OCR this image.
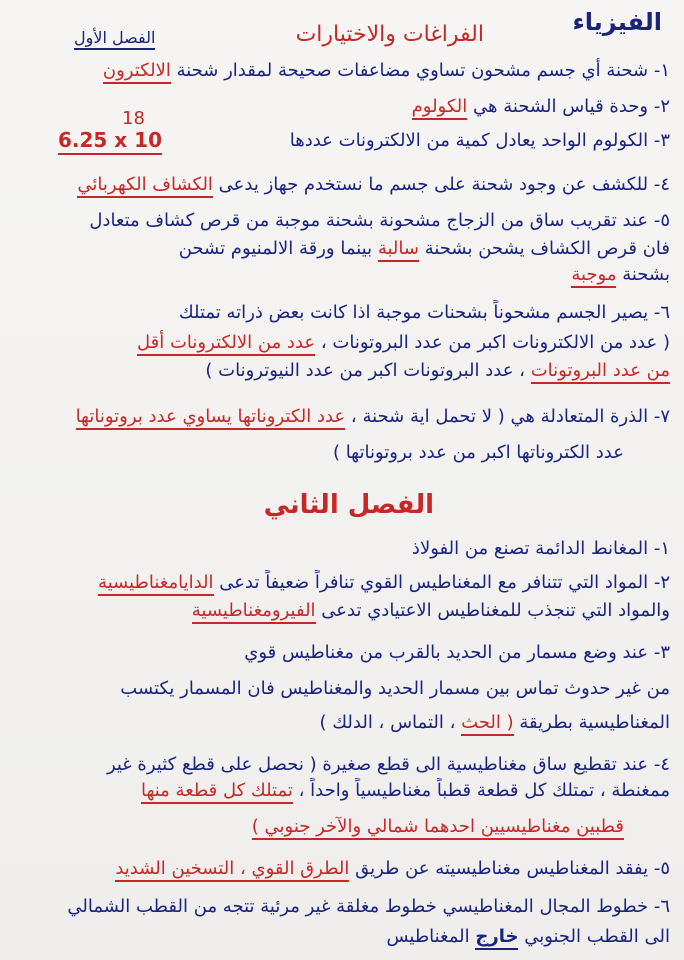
الفيزياء
الفراغات والاختيارات
الفصل الأول
١- شحنة أي جسم مشحون تساوي مضاعفات صحيحة لمقدار شحنة الالكترون
٢- وحدة قياس الشحنة هي الكولوم
18
٣- الكولوم الواحد يعادل كمية من الالكترونات عددها
6.25 x 10
٤- للكشف عن وجود شحنة على جسم ما نستخدم جهاز يدعى الكشاف الكهربائي
٥- عند تقريب ساق من الزجاج مشحونة بشحنة موجبة من قرص كشاف متعادل
فان قرص الكشاف يشحن بشحنة سالبة بينما ورقة الالمنيوم تشحن
بشحنة موجبة
٦- يصير الجسم مشحوناً بشحنات موجبة اذا كانت بعض ذراته تمتلك
( عدد من الالكترونات اكبر من عدد البروتونات ، عدد من الالكترونات أقل
من عدد البروتونات ، عدد البروتونات اكبر من عدد النيوترونات )
٧- الذرة المتعادلة هي ( لا تحمل اية شحنة ، عدد الكتروناتها يساوي عدد بروتوناتها
عدد الكتروناتها اكبر من عدد بروتوناتها )
الفصل الثاني
١- المغانط الدائمة تصنع من الفولاذ
٢- المواد التي تتنافر مع المغناطيس القوي تنافراً ضعيفاً تدعى الدايامغناطيسية
والمواد التي تنجذب للمغناطيس الاعتيادي تدعى الفيرومغناطيسية
٣- عند وضع مسمار من الحديد بالقرب من مغناطيس قوي
من غير حدوث تماس بين مسمار الحديد والمغناطيس فان المسمار يكتسب
المغناطيسية بطريقة ( الحث ، التماس ، الدلك )
٤- عند تقطيع ساق مغناطيسية الى قطع صغيرة ( نحصل على قطع كثيرة غير
ممغنطة ، تمتلك كل قطعة قطباً مغناطيسياً واحداً ، تمتلك كل قطعة منها
قطبين مغناطيسيين احدهما شمالي والآخر جنوبي )
٥- يفقد المغناطيس مغناطيسيته عن طريق الطرق القوي ، التسخين الشديد
٦- خطوط المجال المغناطيسي خطوط مغلقة غير مرئية تتجه من القطب الشمالي
الى القطب الجنوبي خارج المغناطيس
